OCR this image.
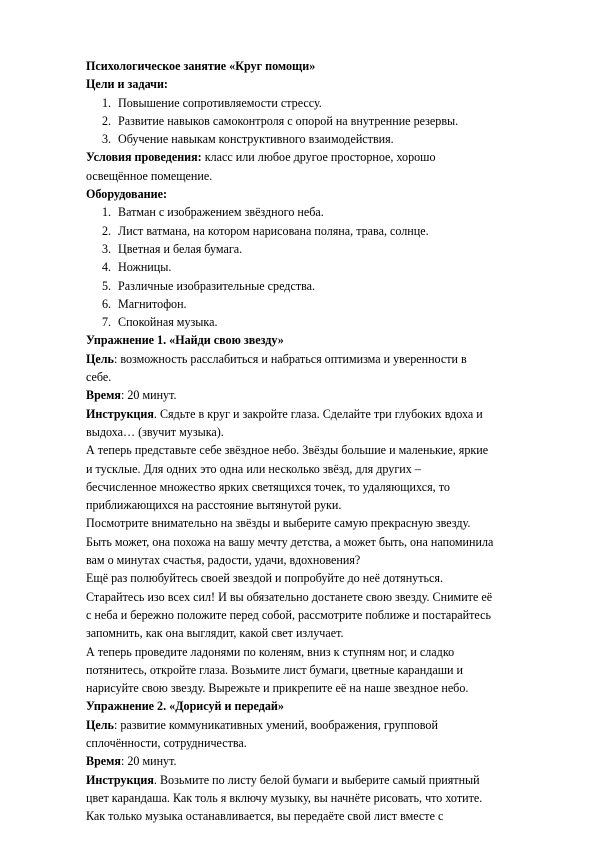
Психологическое занятие «Круг помощи»
Цели и задачи:
1. Повышение сопротивляемости стрессу.
2. Развитие навыков самоконтроля с опорой на внутренние резервы.
3. Обучение навыкам конструктивного взаимодействия.
Условия проведения: класс или любое другое просторное, хорошо
освещённое помещение.
Оборудование:
1. Ватман с изображением звёздного неба.
2. Лист ватмана, на котором нарисована поляна, трава, солнце.
3. Цветная и белая бумага.
4. Ножницы.
5. Различные изобразительные средства.
6. Магнитофон.
7. Спокойная музыка.
Упражнение 1. «Найди свою звезду»
Цель: возможность расслабиться и набраться оптимизма и уверенности в
себе.
Время: 20 минут.
Инструкция. Сядьте в круг и закройте глаза. Сделайте три глубоких вдоха и
выдоха… (звучит музыка).
А теперь представьте себе звёздное небо. Звёзды большие и маленькие, яркие
и тусклые. Для одних это одна или несколько звёзд, для других –
бесчисленное множество ярких светящихся точек, то удаляющихся, то
приближающихся на расстояние вытянутой руки.
Посмотрите внимательно на звёзды и выберите самую прекрасную звезду.
Быть может, она похожа на вашу мечту детства, а может быть, она напоминила
вам о минутах счастья, радости, удачи, вдохновения?
Ещё раз полюбуйтесь своей звездой и попробуйте до неё дотянуться.
Старайтесь изо всех сил! И вы обязательно достанете свою звезду. Снимите её
с неба и бережно положите перед собой, рассмотрите поближе и постарайтесь
запомнить, как она выглядит, какой свет излучает.
А теперь проведите ладонями по коленям, вниз к ступням ног, и сладко
потянитесь, откройте глаза. Возьмите лист бумаги, цветные карандаши и
нарисуйте свою звезду. Вырежьте и прикрепите её на наше звездное небо.
Упражнение 2. «Дорисуй и передай»
Цель: развитие коммуникативных умений, воображения, групповой
сплочённости, сотрудничества.
Время: 20 минут.
Инструкция. Возьмите по листу белой бумаги и выберите самый приятный
цвет карандаша. Как толь я включу музыку, вы начнёте рисовать, что хотите.
Как только музыка останавливается, вы передаёте свой лист вместе с
